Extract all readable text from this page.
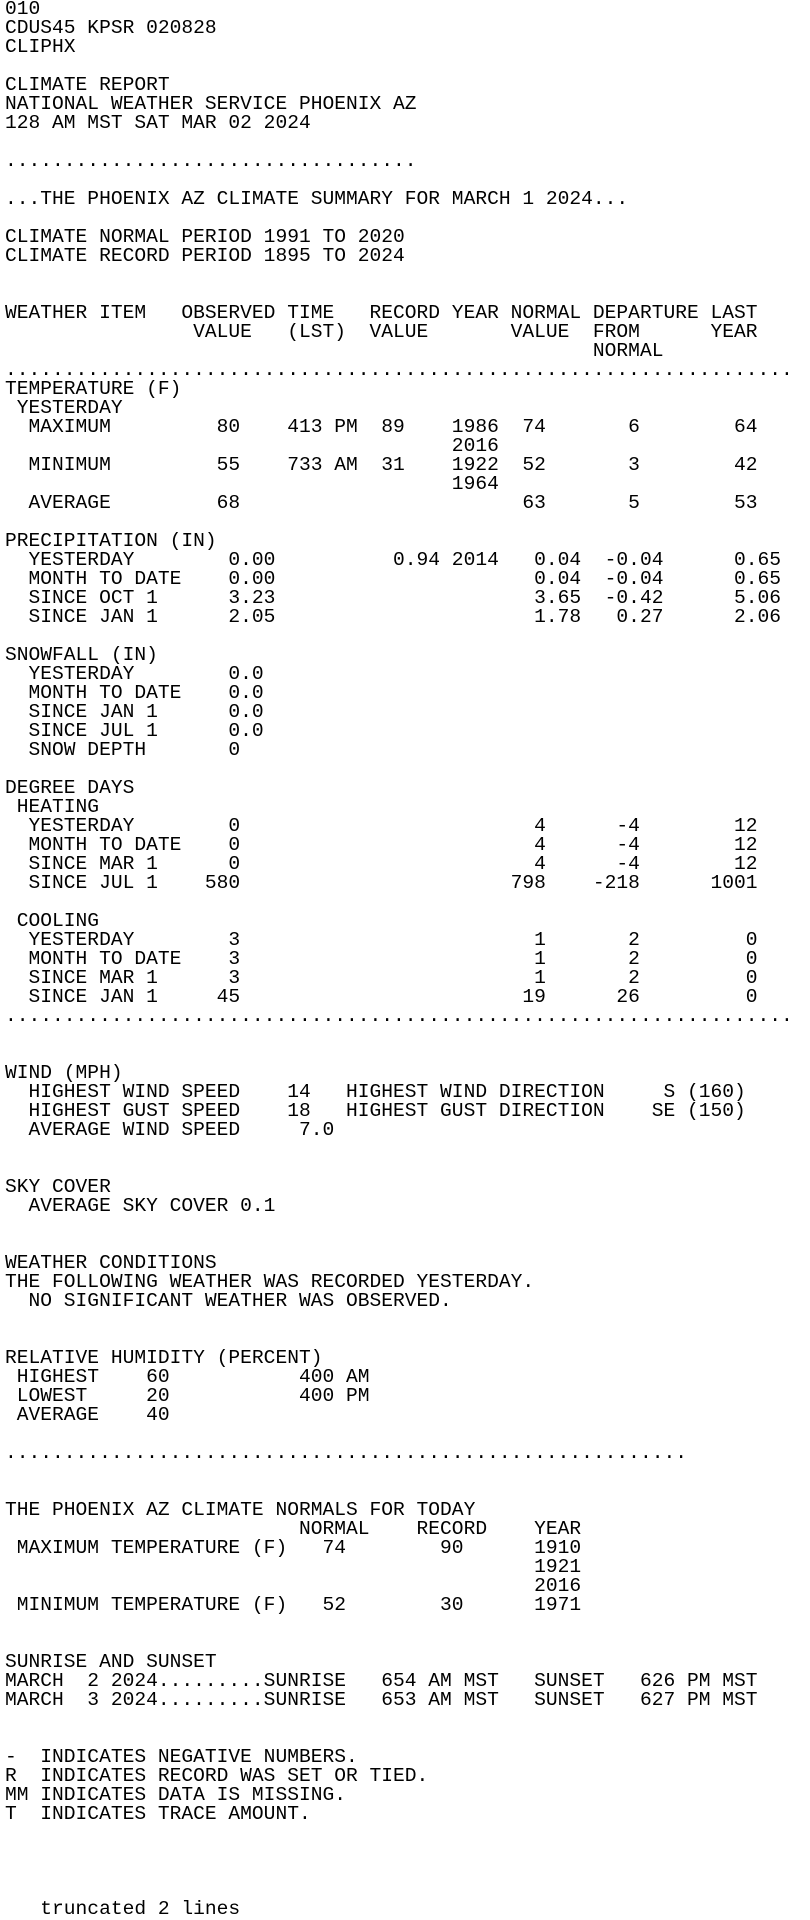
010
CDUS45 KPSR 020828
CLIPHX
CLIMATE REPORT
NATIONAL WEATHER SERVICE PHOENIX AZ
128 AM MST SAT MAR 02 2024
...................................
...THE PHOENIX AZ CLIMATE SUMMARY FOR MARCH 1 2024...
CLIMATE NORMAL PERIOD 1991 TO 2020
CLIMATE RECORD PERIOD 1895 TO 2024
WEATHER ITEM   OBSERVED TIME   RECORD YEAR NORMAL DEPARTURE LAST
VALUE   (LST)  VALUE       VALUE  FROM      YEAR
NORMAL
...................................................................
TEMPERATURE (F)
YESTERDAY
MAXIMUM         80    413 PM  89    1986  74       6        64
2016
MINIMUM         55    733 AM  31    1922  52       3        42
1964
AVERAGE         68                        63       5        53
PRECIPITATION (IN)
YESTERDAY        0.00          0.94 2014   0.04  -0.04      0.65
MONTH TO DATE    0.00                      0.04  -0.04      0.65
SINCE OCT 1      3.23                      3.65  -0.42      5.06
SINCE JAN 1      2.05                      1.78   0.27      2.06
SNOWFALL (IN)
YESTERDAY        0.0
MONTH TO DATE    0.0
SINCE JAN 1      0.0
SINCE JUL 1      0.0
SNOW DEPTH       0
DEGREE DAYS
HEATING
YESTERDAY        0                         4      -4        12
MONTH TO DATE    0                         4      -4        12
SINCE MAR 1      0                         4      -4        12
SINCE JUL 1    580                       798    -218      1001
COOLING
YESTERDAY        3                         1       2         0
MONTH TO DATE    3                         1       2         0
SINCE MAR 1      3                         1       2         0
SINCE JAN 1     45                        19      26         0
...................................................................
WIND (MPH)
HIGHEST WIND SPEED    14   HIGHEST WIND DIRECTION     S (160)
HIGHEST GUST SPEED    18   HIGHEST GUST DIRECTION    SE (150)
AVERAGE WIND SPEED     7.0
SKY COVER
AVERAGE SKY COVER 0.1
WEATHER CONDITIONS
THE FOLLOWING WEATHER WAS RECORDED YESTERDAY.
NO SIGNIFICANT WEATHER WAS OBSERVED.
RELATIVE HUMIDITY (PERCENT)
HIGHEST    60           400 AM
LOWEST     20           400 PM
AVERAGE    40
..........................................................
THE PHOENIX AZ CLIMATE NORMALS FOR TODAY
NORMAL    RECORD    YEAR
MAXIMUM TEMPERATURE (F)   74        90      1910
1921
2016
MINIMUM TEMPERATURE (F)   52        30      1971
SUNRISE AND SUNSET
MARCH  2 2024.........SUNRISE   654 AM MST   SUNSET   626 PM MST
MARCH  3 2024.........SUNRISE   653 AM MST   SUNSET   627 PM MST
-  INDICATES NEGATIVE NUMBERS.
R  INDICATES RECORD WAS SET OR TIED.
MM INDICATES DATA IS MISSING.
T  INDICATES TRACE AMOUNT.
truncated 2 lines
